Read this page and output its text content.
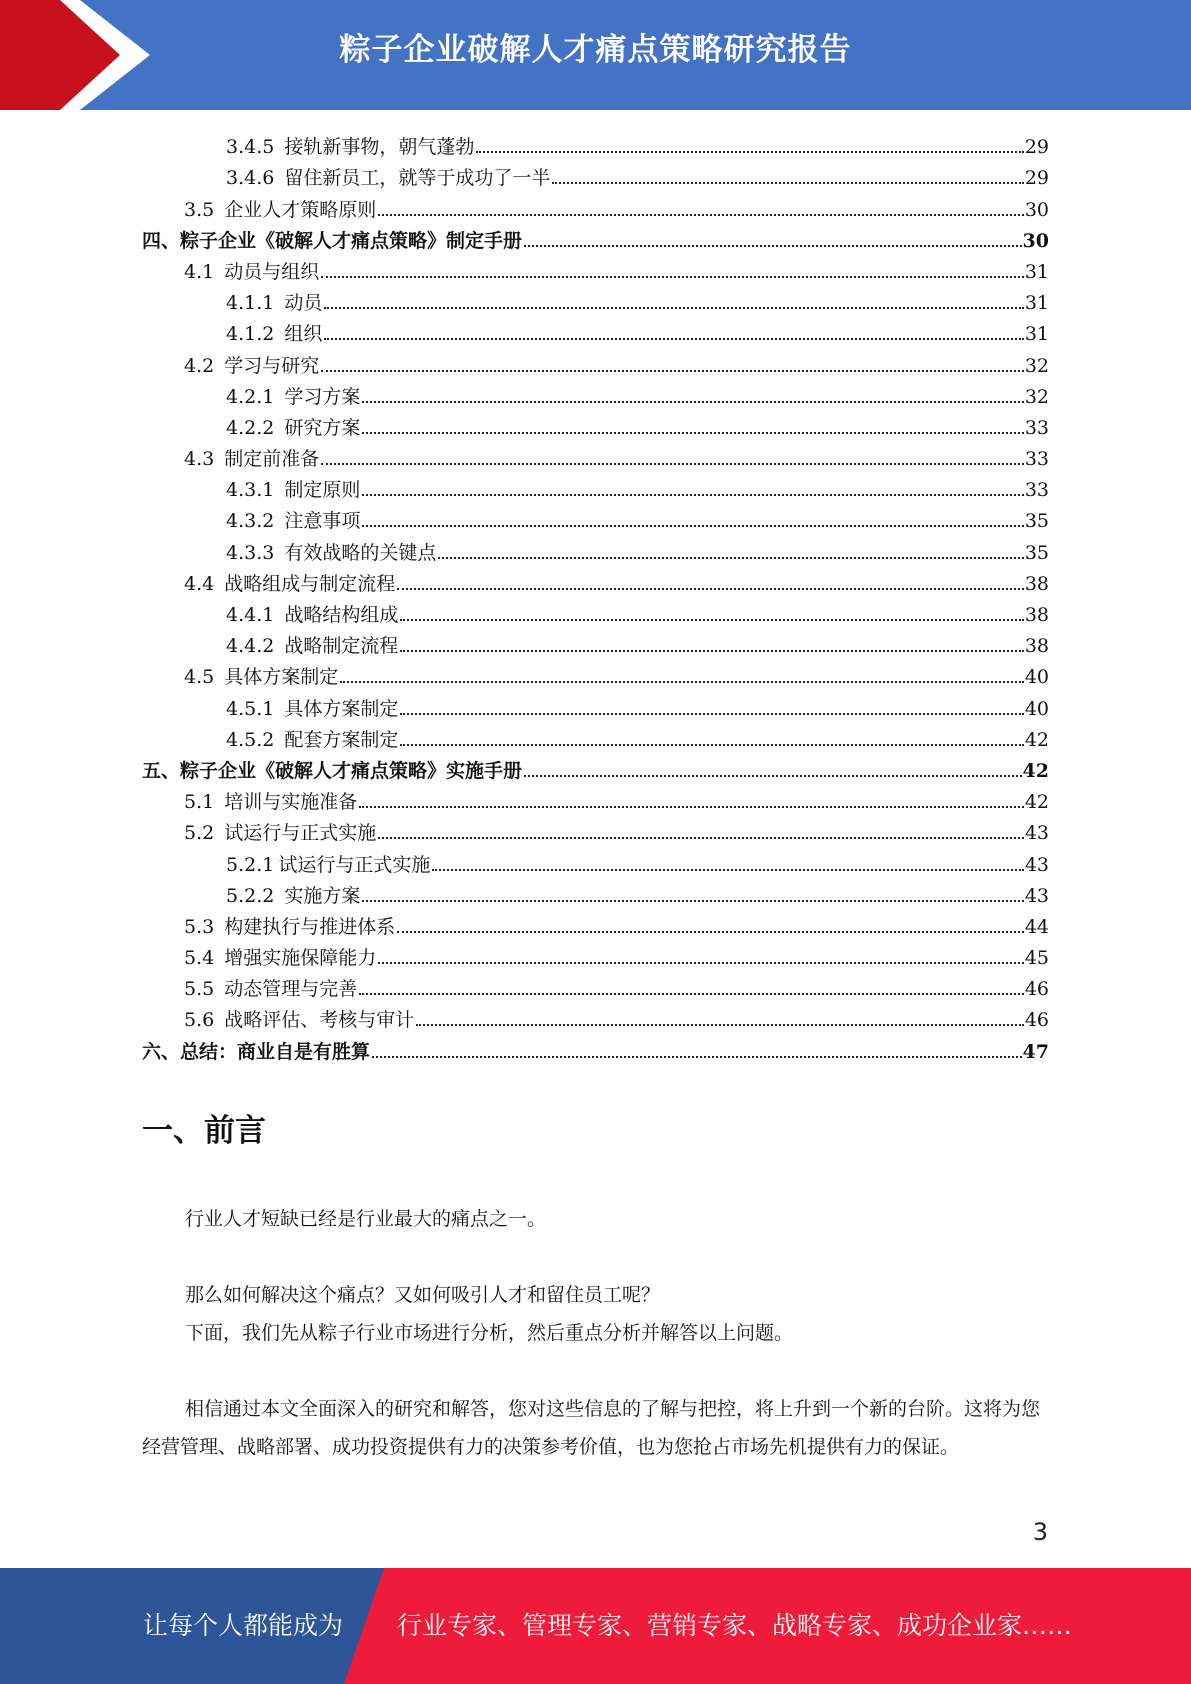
粽子企业破解人才痛点策略研究报告
3.4.5 接轨新事物，朝气蓬勃	29
3.4.6 留住新员工，就等于成功了一半	29
3.5 企业人才策略原则	30
四、粽子企业《破解人才痛点策略》制定手册	30
4.1 动员与组织	31
4.1.1 动员	31
4.1.2 组织	31
4.2 学习与研究	32
4.2.1 学习方案	32
4.2.2 研究方案	33
4.3 制定前准备	33
4.3.1 制定原则	33
4.3.2 注意事项	35
4.3.3 有效战略的关键点	35
4.4 战略组成与制定流程	38
4.4.1 战略结构组成	38
4.4.2 战略制定流程	38
4.5 具体方案制定	40
4.5.1 具体方案制定	40
4.5.2 配套方案制定	42
五、粽子企业《破解人才痛点策略》实施手册	42
5.1 培训与实施准备	42
5.2 试运行与正式实施	43
5.2.1 试运行与正式实施	43
5.2.2 实施方案	43
5.3 构建执行与推进体系	44
5.4 增强实施保障能力	45
5.5 动态管理与完善	46
5.6 战略评估、考核与审计	46
六、总结：商业自是有胜算	47
一、前言

行业人才短缺已经是行业最大的痛点之一。

那么如何解决这个痛点？又如何吸引人才和留住员工呢？

下面，我们先从粽子行业市场进行分析，然后重点分析并解答以上问题。

相信通过本文全面深入的研究和解答，您对这些信息的了解与把控，将上升到一个新的台阶。这将为您经营管理、战略部署、成功投资提供有力的决策参考价值，也为您抢占市场先机提供有力的保证。

3
让每个人都能成为 行业专家、管理专家、营销专家、战略专家、成功企业家……
